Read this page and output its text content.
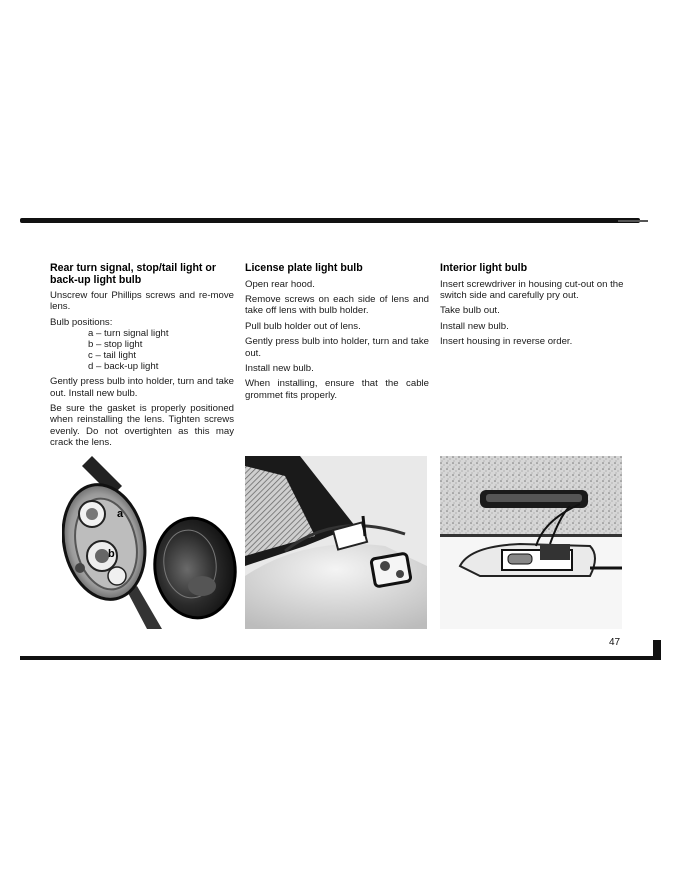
Rear turn signal, stop/tail light or back-up light bulb

Unscrew four Phillips screws and re-move lens.

Bulb positions:

a – turn signal light
b – stop light
c – tail light
d – back-up light

Gently press bulb into holder, turn and take out. Install new bulb.

Be sure the gasket is properly positioned when reinstalling the lens. Tighten screws evenly. Do not overtighten as this may crack the lens.

License plate light bulb

Open rear hood.

Remove screws on each side of lens and take off lens with bulb holder.

Pull bulb holder out of lens.

Gently press bulb into holder, turn and take out.

Install new bulb.

When installing, ensure that the cable grommet fits properly.

Interior light bulb

Insert screwdriver in housing cut-out on the switch side and carefully pry out.

Take bulb out.

Install new bulb.

Insert housing in reverse order.

a
b
47
